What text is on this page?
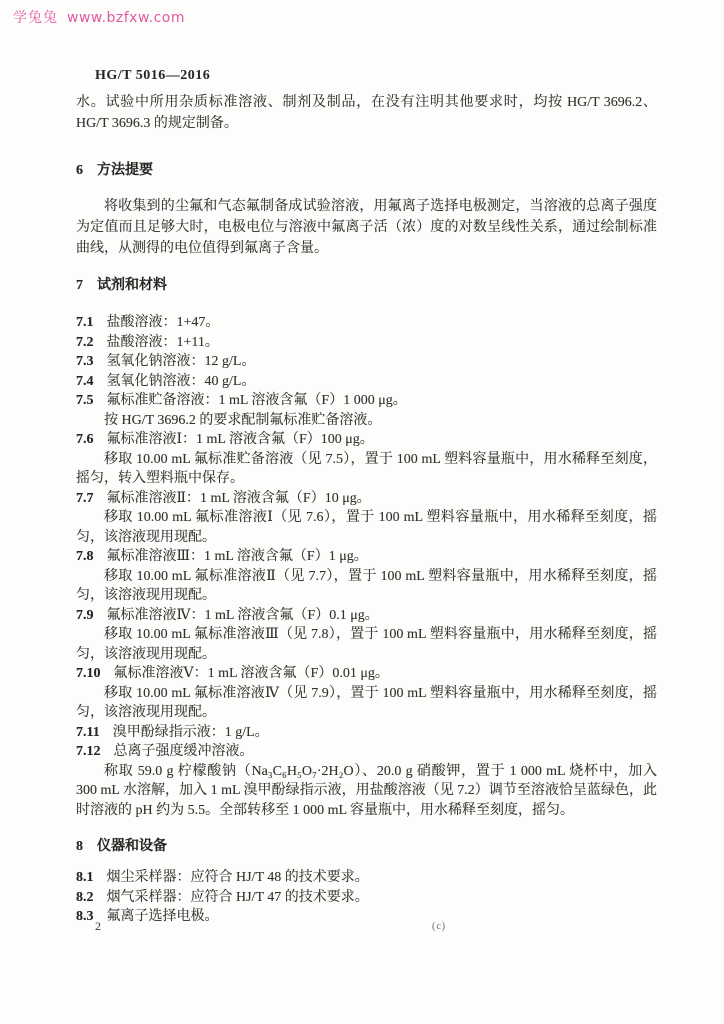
学兔兔 www.bzfxw.com
HG/T 5016—2016

水。试验中所用杂质标准溶液、制剂及制品，在没有注明其他要求时，均按 HG/T 3696.2、HG/T 3696.3 的规定制备。

6 方法提要

将收集到的尘氟和气态氟制备成试验溶液，用氟离子选择电极测定，当溶液的总离子强度为定值而且足够大时，电极电位与溶液中氟离子活（浓）度的对数呈线性关系，通过绘制标准曲线，从测得的电位值得到氟离子含量。

7 试剂和材料
7.1 盐酸溶液：1+47。
7.2 盐酸溶液：1+11。
7.3 氢氧化钠溶液：12 g/L。
7.4 氢氧化钠溶液：40 g/L。
7.5 氟标准贮备溶液：1 mL 溶液含氟（F）1 000 μg。

按 HG/T 3696.2 的要求配制氟标准贮备溶液。

7.6 氟标准溶液Ⅰ：1 mL 溶液含氟（F）100 μg。

移取 10.00 mL 氟标准贮备溶液（见 7.5），置于 100 mL 塑料容量瓶中，用水稀释至刻度，摇匀，转入塑料瓶中保存。

7.7 氟标准溶液Ⅱ：1 mL 溶液含氟（F）10 μg。

移取 10.00 mL 氟标准溶液Ⅰ（见 7.6），置于 100 mL 塑料容量瓶中，用水稀释至刻度，摇匀，该溶液现用现配。

7.8 氟标准溶液Ⅲ：1 mL 溶液含氟（F）1 μg。

移取 10.00 mL 氟标准溶液Ⅱ（见 7.7），置于 100 mL 塑料容量瓶中，用水稀释至刻度，摇匀，该溶液现用现配。

7.9 氟标准溶液Ⅳ：1 mL 溶液含氟（F）0.1 μg。

移取 10.00 mL 氟标准溶液Ⅲ（见 7.8），置于 100 mL 塑料容量瓶中，用水稀释至刻度，摇匀，该溶液现用现配。

7.10 氟标准溶液Ⅴ：1 mL 溶液含氟（F）0.01 μg。

移取 10.00 mL 氟标准溶液Ⅳ（见 7.9），置于 100 mL 塑料容量瓶中，用水稀释至刻度，摇匀，该溶液现用现配。

7.11 溴甲酚绿指示液：1 g/L。
7.12 总离子强度缓冲溶液。

称取 59.0 g 柠檬酸钠（Na₃C₆H₅O₇·2H₂O）、20.0 g 硝酸钾，置于 1 000 mL 烧杯中，加入 300 mL 水溶解，加入 1 mL 溴甲酚绿指示液，用盐酸溶液（见 7.2）调节至溶液恰呈蓝绿色，此时溶液的 pH 约为 5.5。全部转移至 1 000 mL 容量瓶中，用水稀释至刻度，摇匀。

8 仪器和设备
8.1 烟尘采样器：应符合 HJ/T 48 的技术要求。
8.2 烟气采样器：应符合 HJ/T 47 的技术要求。
8.3 氟离子选择电极。
2	(c)
